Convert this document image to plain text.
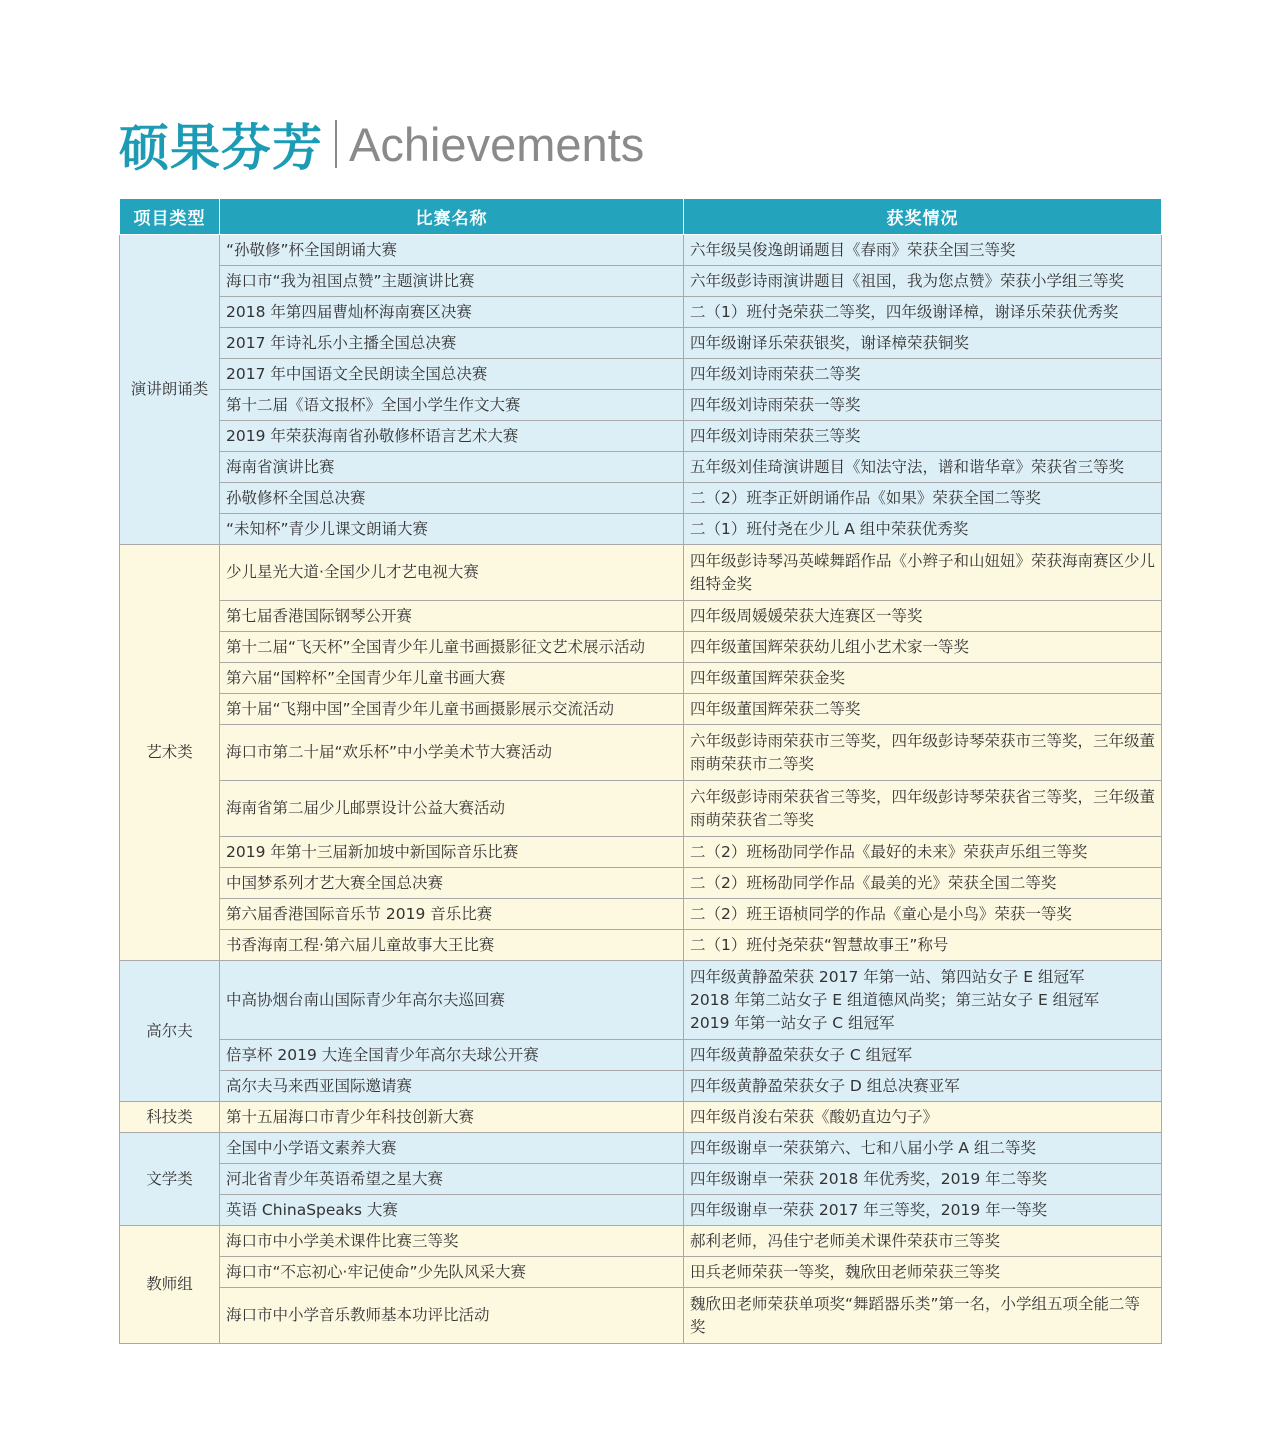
硕果芬芳 Achievements
项目类型	比赛名称	获奖情况
演讲朗诵类	“孙敬修”杯全国朗诵大赛	六年级吴俊逸朗诵题目《春雨》荣获全国三等奖
	海口市“我为祖国点赞”主题演讲比赛	六年级彭诗雨演讲题目《祖国，我为您点赞》荣获小学组三等奖
	2018 年第四届曹灿杯海南赛区决赛	二（1）班付尧荣获二等奖，四年级谢译樟，谢译乐荣获优秀奖
	2017 年诗礼乐小主播全国总决赛	四年级谢译乐荣获银奖，谢译樟荣获铜奖
	2017 年中国语文全民朗读全国总决赛	四年级刘诗雨荣获二等奖
	第十二届《语文报杯》全国小学生作文大赛	四年级刘诗雨荣获一等奖
	2019 年荣获海南省孙敬修杯语言艺术大赛	四年级刘诗雨荣获三等奖
	海南省演讲比赛	五年级刘佳琦演讲题目《知法守法，谱和谐华章》荣获省三等奖
	孙敬修杯全国总决赛	二（2）班李正妍朗诵作品《如果》荣获全国二等奖
	“未知杯”青少儿课文朗诵大赛	二（1）班付尧在少儿 A 组中荣获优秀奖
艺术类	少儿星光大道·全国少儿才艺电视大赛	四年级彭诗琴冯英嵘舞蹈作品《小辫子和山妞妞》荣获海南赛区少儿组特金奖
	第七届香港国际钢琴公开赛	四年级周媛媛荣获大连赛区一等奖
	第十二届“飞天杯”全国青少年儿童书画摄影征文艺术展示活动	四年级董国辉荣获幼儿组小艺术家一等奖
	第六届“国粹杯”全国青少年儿童书画大赛	四年级董国辉荣获金奖
	第十届“飞翔中国”全国青少年儿童书画摄影展示交流活动	四年级董国辉荣获二等奖
	海口市第二十届“欢乐杯”中小学美术节大赛活动	六年级彭诗雨荣获市三等奖，四年级彭诗琴荣获市三等奖，三年级董雨萌荣获市二等奖
	海南省第二届少儿邮票设计公益大赛活动	六年级彭诗雨荣获省三等奖，四年级彭诗琴荣获省三等奖，三年级董雨萌荣获省二等奖
	2019 年第十三届新加坡中新国际音乐比赛	二（2）班杨劭同学作品《最好的未来》荣获声乐组三等奖
	中国梦系列才艺大赛全国总决赛	二（2）班杨劭同学作品《最美的光》荣获全国二等奖
	第六届香港国际音乐节 2019 音乐比赛	二（2）班王语桢同学的作品《童心是小鸟》荣获一等奖
	书香海南工程·第六届儿童故事大王比赛	二（1）班付尧荣获“智慧故事王”称号
高尔夫	中高协烟台南山国际青少年高尔夫巡回赛	四年级黄静盈荣获 2017 年第一站、第四站女子 E 组冠军
2018 年第二站女子 E 组道德风尚奖；第三站女子 E 组冠军
2019 年第一站女子 C 组冠军

	倍享杯 2019 大连全国青少年高尔夫球公开赛	四年级黄静盈荣获女子 C 组冠军
	高尔夫马来西亚国际邀请赛	四年级黄静盈荣获女子 D 组总决赛亚军
科技类	第十五届海口市青少年科技创新大赛	四年级肖浚右荣获《酸奶直边勺子》
文学类	全国中小学语文素养大赛	四年级谢卓一荣获第六、七和八届小学 A 组二等奖
	河北省青少年英语希望之星大赛	四年级谢卓一荣获 2018 年优秀奖，2019 年二等奖
	英语 ChinaSpeaks 大赛	四年级谢卓一荣获 2017 年三等奖，2019 年一等奖
教师组	海口市中小学美术课件比赛三等奖	郝利老师，冯佳宁老师美术课件荣获市三等奖
	海口市“不忘初心·牢记使命”少先队风采大赛	田兵老师荣获一等奖，魏欣田老师荣获三等奖
	海口市中小学音乐教师基本功评比活动	魏欣田老师荣获单项奖“舞蹈器乐类”第一名，小学组五项全能二等奖
